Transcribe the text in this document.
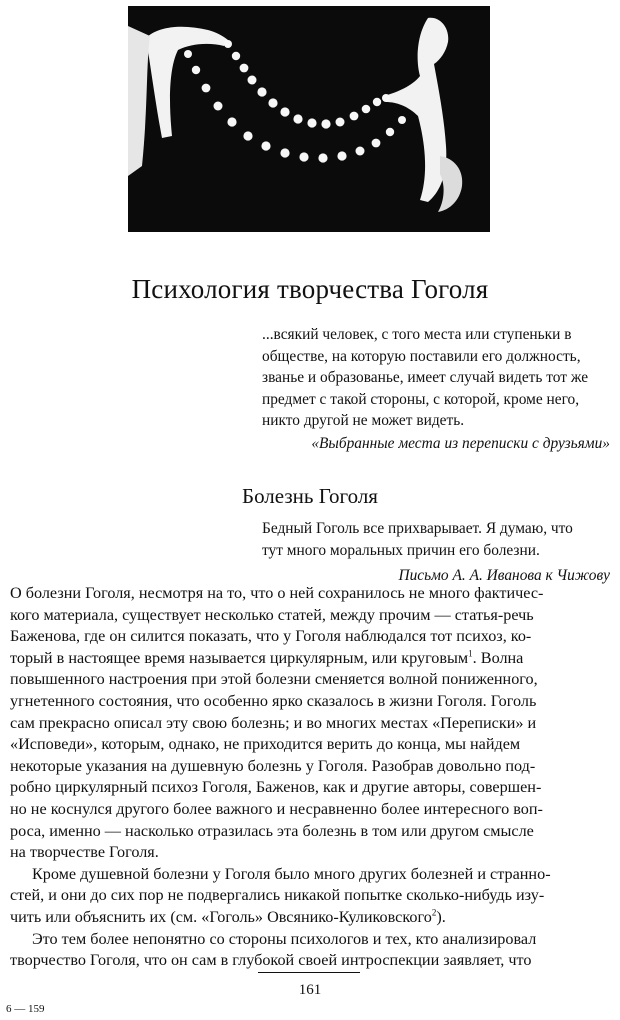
Психология творчества Гоголя
...всякий человек, с того места или ступеньки в
обществе, на которую поставили его должность,
званье и образованье, имеет случай видеть тот же
предмет с такой стороны, с которой, кроме него,
никто другой не может видеть.
«Выбранные места из переписки с друзьями»
Болезнь Гоголя
Бедный Гоголь все прихварывает. Я думаю, что
тут много моральных причин его болезни.
Письмо А. А. Иванова к Чижову
О болезни Гоголя, несмотря на то, что о ней сохранилось не много фактичес-
кого материала, существует несколько статей, между прочим — статья-речь
Баженова, где он силится показать, что у Гоголя наблюдался тот психоз, ко-
торый в настоящее время называется циркулярным, или круговым$^1$. Волна
повышенного настроения при этой болезни сменяется волной пониженного,
угнетенного состояния, что особенно ярко сказалось в жизни Гоголя. Гоголь
сам прекрасно описал эту свою болезнь; и во многих местах «Переписки» и
«Исповеди», которым, однако, не приходится верить до конца, мы найдем
некоторые указания на душевную болезнь у Гоголя. Разобрав довольно под-
робно циркулярный психоз Гоголя, Баженов, как и другие авторы, совершен-
но не коснулся другого более важного и несравненно более интересного воп-
роса, именно — насколько отразилась эта болезнь в том или другом смысле
на творчестве Гоголя.
Кроме душевной болезни у Гоголя было много других болезней и странно-
стей, и они до сих пор не подвергались никакой попытке сколько-нибудь изу-
чить или объяснить их (см. «Гоголь» Овсянико-Куликовского$^2$).
Это тем более непонятно со стороны психологов и тех, кто анализировал
творчество Гоголя, что он сам в глубокой своей интроспекции заявляет, что
161
6 — 159
